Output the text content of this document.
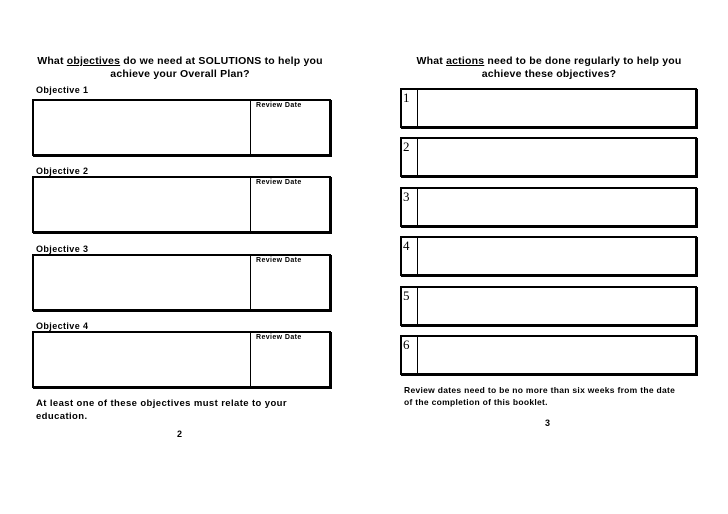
What objectives do we need at SOLUTIONS to help you
achieve your Overall Plan?
Objective 1
Review Date
Objective 2
Review Date
Objective 3
Review Date
Objective 4
Review Date
At least one of these objectives must relate to your
education.
2
What actions need to be done regularly to help you
achieve these objectives?
1
2
3
4
5
6
Review dates need to be no more than six weeks from the date
of the completion of this booklet.
3
